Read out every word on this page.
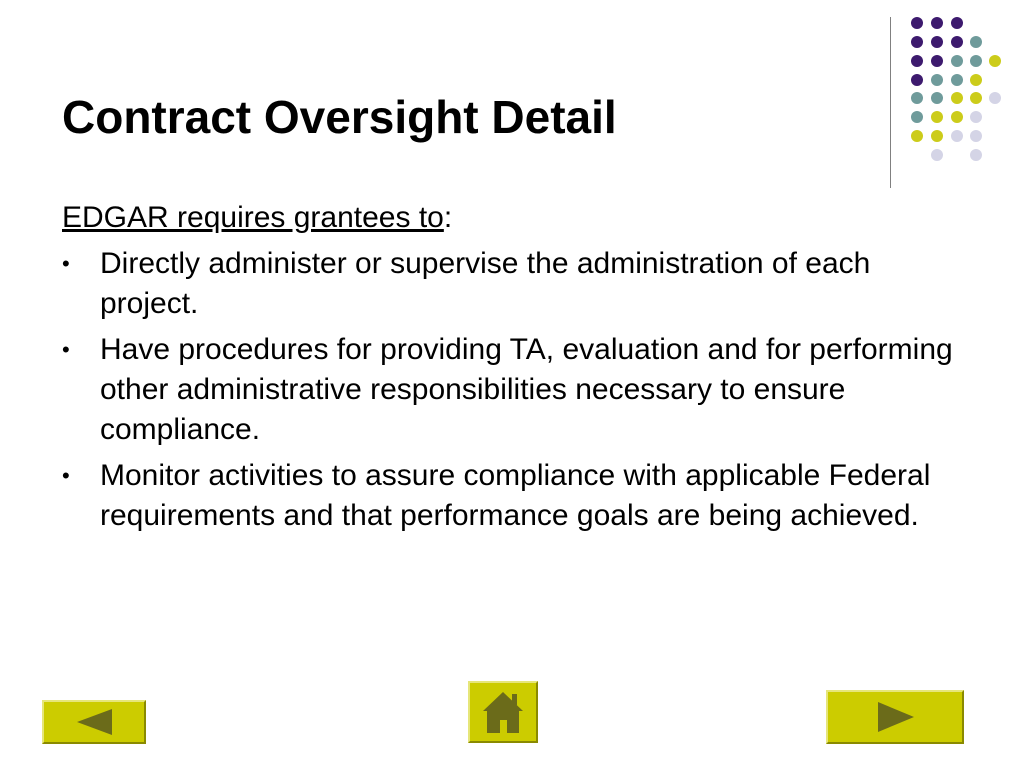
Contract Oversight Detail

EDGAR requires grantees to:

• Directly administer or supervise the administration of each project.
• Have procedures for providing TA, evaluation and for performing other administrative responsibilities necessary to ensure compliance.
• Monitor activities to assure compliance with applicable Federal requirements and that performance goals are being achieved.
